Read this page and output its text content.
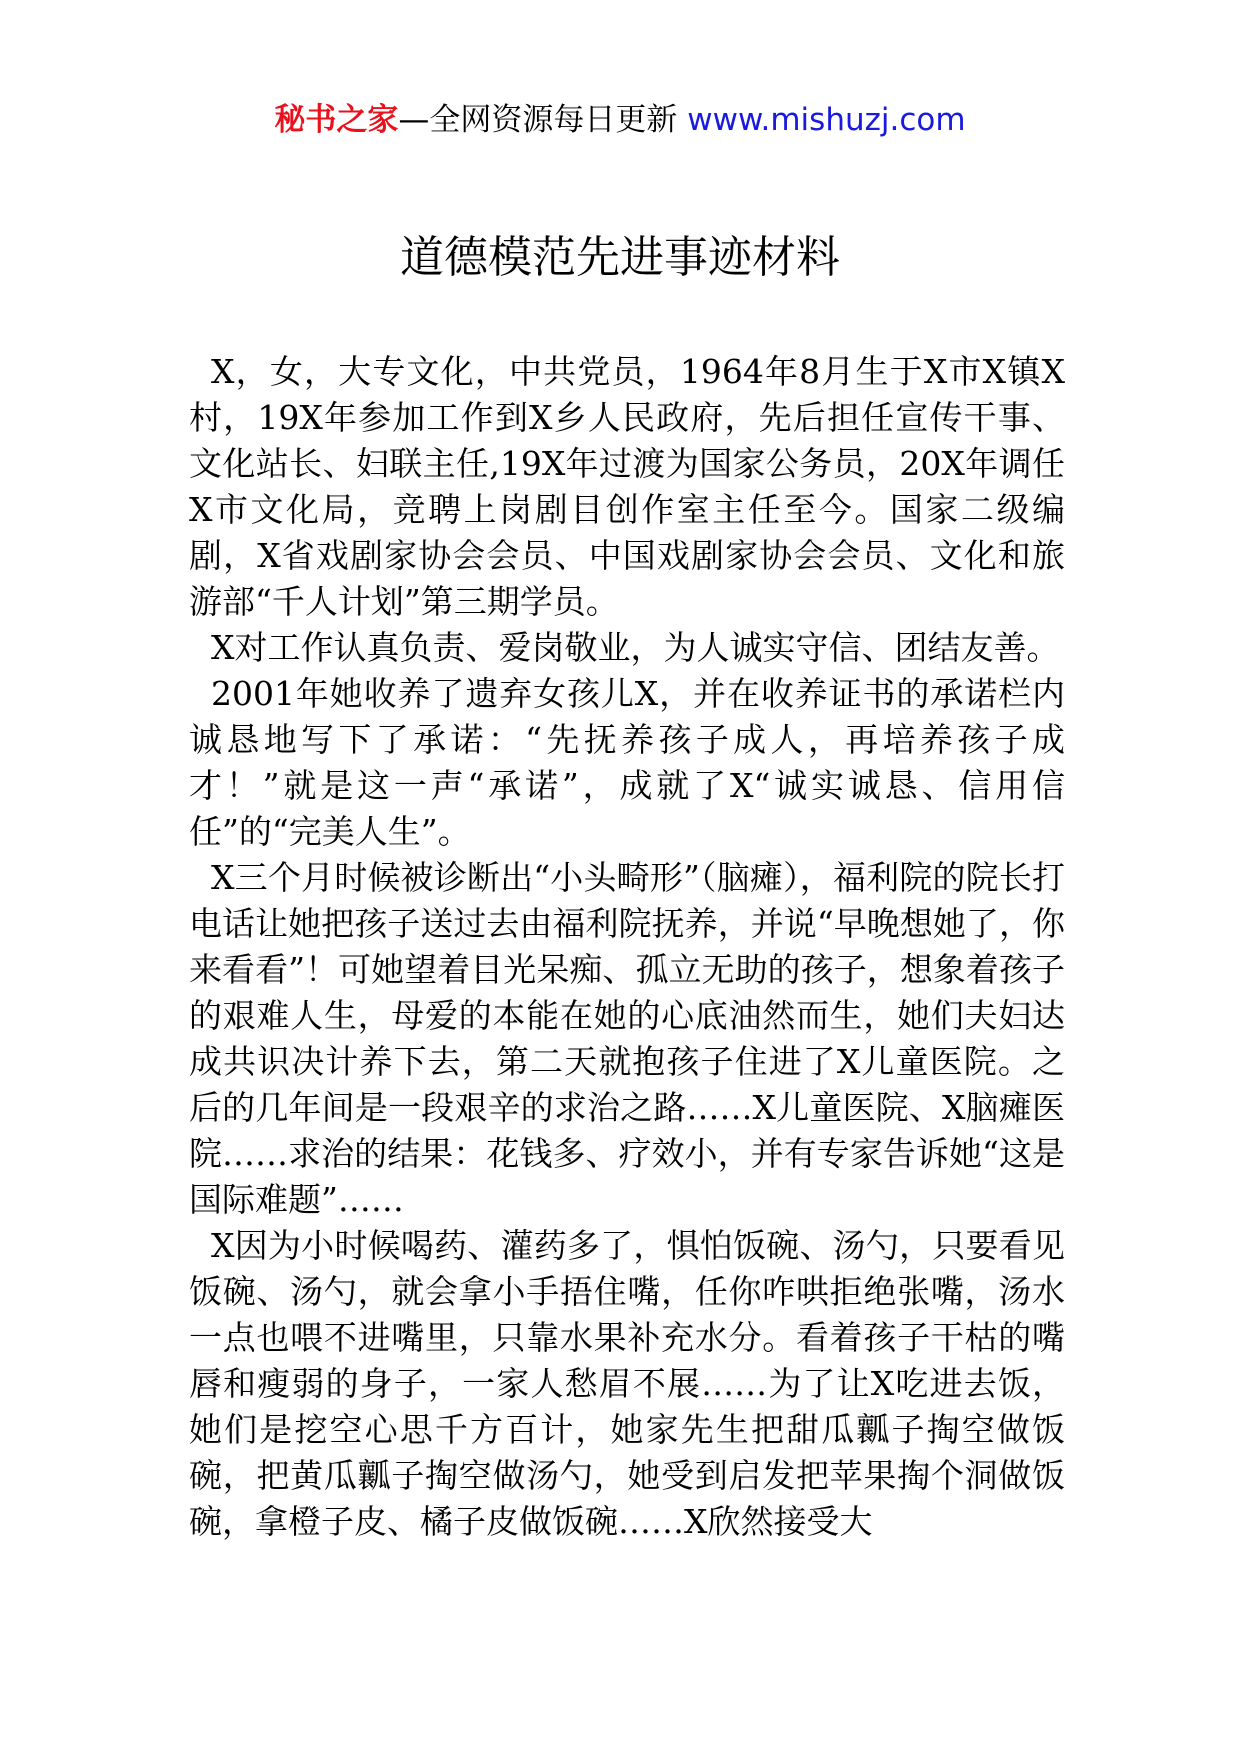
秘书之家—全网资源每日更新 www.mishuzj.com
道德模范先进事迹材料

X，女，大专文化，中共党员，1964年8月生于X市X镇X村，19X年参加工作到X乡人民政府，先后担任宣传干事、文化站长、妇联主任,19X年过渡为国家公务员，20X年调任X市文化局，竞聘上岗剧目创作室主任至今。国家二级编剧，X省戏剧家协会会员、中国戏剧家协会会员、文化和旅游部“千人计划”第三期学员。

X对工作认真负责、爱岗敬业，为人诚实守信、团结友善。

2001年她收养了遗弃女孩儿X，并在收养证书的承诺栏内诚恳地写下了承诺：“先抚养孩子成人，再培养孩子成才！”就是这一声“承诺”，成就了X“诚实诚恳、信用信任”的“完美人生”。

X三个月时候被诊断出“小头畸形”（脑瘫），福利院的院长打电话让她把孩子送过去由福利院抚养，并说“早晚想她了，你来看看”！可她望着目光呆痴、孤立无助的孩子，想象着孩子的艰难人生，母爱的本能在她的心底油然而生，她们夫妇达成共识决计养下去，第二天就抱孩子住进了X儿童医院。之后的几年间是一段艰辛的求治之路……X儿童医院、X脑瘫医院……求治的结果：花钱多、疗效小，并有专家告诉她“这是国际难题”……

X因为小时候喝药、灌药多了，惧怕饭碗、汤勺，只要看见饭碗、汤勺，就会拿小手捂住嘴，任你咋哄拒绝张嘴，汤水一点也喂不进嘴里，只靠水果补充水分。看着孩子干枯的嘴唇和瘦弱的身子，一家人愁眉不展……为了让X吃进去饭，她们是挖空心思千方百计，她家先生把甜瓜瓤子掏空做饭碗，把黄瓜瓤子掏空做汤勺，她受到启发把苹果掏个洞做饭碗，拿橙子皮、橘子皮做饭碗……X欣然接受大
